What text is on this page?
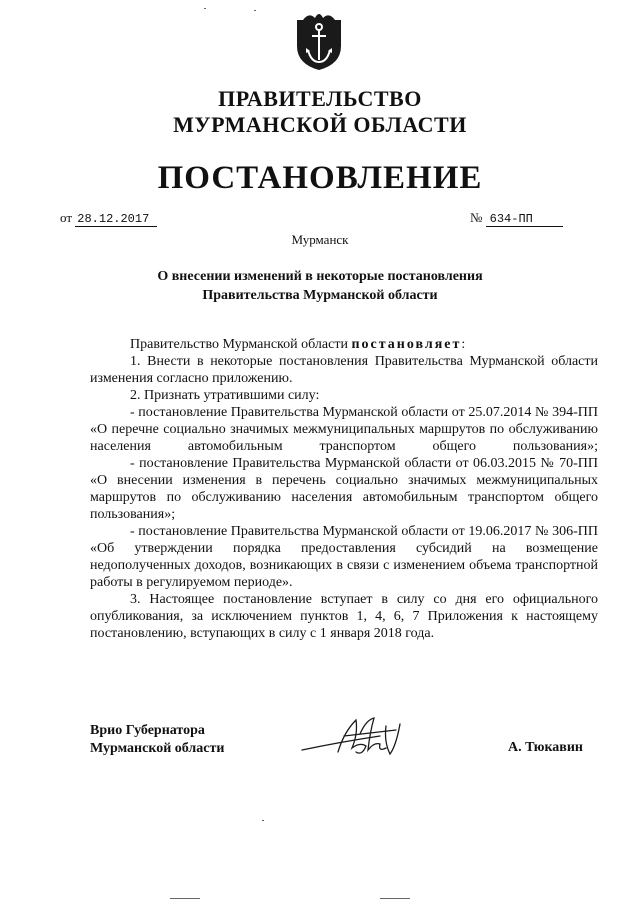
ПРАВИТЕЛЬСТВО
МУРМАНСКОЙ ОБЛАСТИ
ПОСТАНОВЛЕНИЕ
от 28.12.2017	№ 634-ПП
Мурманск
О внесении изменений в некоторые постановления
Правительства Мурманской области

Правительство Мурманской области постановляет:

1. Внести в некоторые постановления Правительства Мурманской области изменения согласно приложению.

2. Признать утратившими силу:

- постановление Правительства Мурманской области от 25.07.2014 № 394-ПП «О перечне социально значимых межмуниципальных маршрутов по обслуживанию населения автомобильным транспортом общего пользования»;

- постановление Правительства Мурманской области от 06.03.2015 № 70-ПП «О внесении изменения в перечень социально значимых межмуниципальных маршрутов по обслуживанию населения автомобильным транспортом общего пользования»;

- постановление Правительства Мурманской области от 19.06.2017 № 306-ПП «Об утверждении порядка предоставления субсидий на возмещение недополученных доходов, возникающих в связи с изменением объема транспортной работы в регулируемом периоде».

3. Настоящее постановление вступает в силу со дня его официального опубликования, за исключением пунктов 1, 4, 6, 7 Приложения к настоящему постановлению, вступающих в силу с 1 января 2018 года.

Врио Губернатора
Мурманской области	А. Тюкавин
